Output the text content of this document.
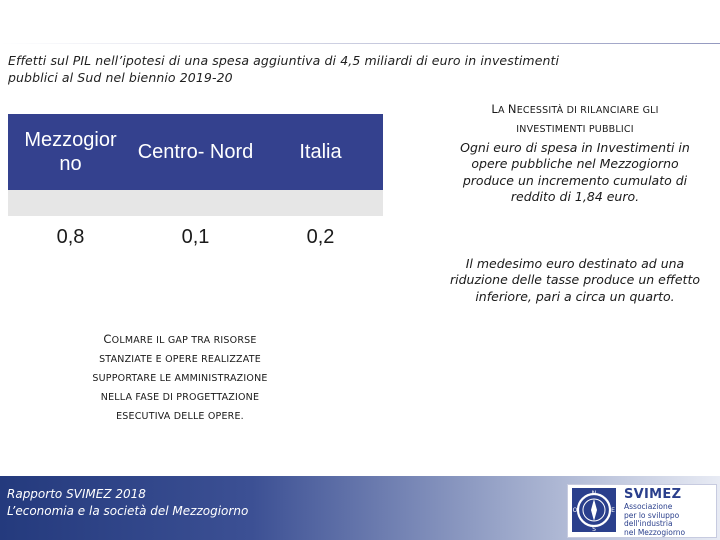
Effetti sul PIL nell’ipotesi di una spesa aggiuntiva di 4,5 miliardi di euro in investimenti
pubblici al Sud nel biennio 2019-20
Mezzogior no	Centro- Nord	Italia

0,8	0,1	0,2
COLMARE IL GAP TRA RISORSE
STANZIATE E OPERE REALIZZATE
SUPPORTARE LE AMMINISTRAZIONE
NELLA FASE DI PROGETTAZIONE
ESECUTIVA DELLE OPERE.
LA NECESSITÀ DI RILANCIARE GLI
INVESTIMENTI PUBBLICI
Ogni euro di spesa in Investimenti in opere pubbliche nel Mezzogiorno produce un incremento cumulato di reddito di 1,84 euro.
Il medesimo euro destinato ad una riduzione delle tasse produce un effetto inferiore, pari a circa un quarto.
Rapporto SVIMEZ 2018
L’economia e la società del Mezzogiorno
N
S
O	E
SVIMEZ
Associazione
per lo sviluppo
dell'industria
nel Mezzogiorno
